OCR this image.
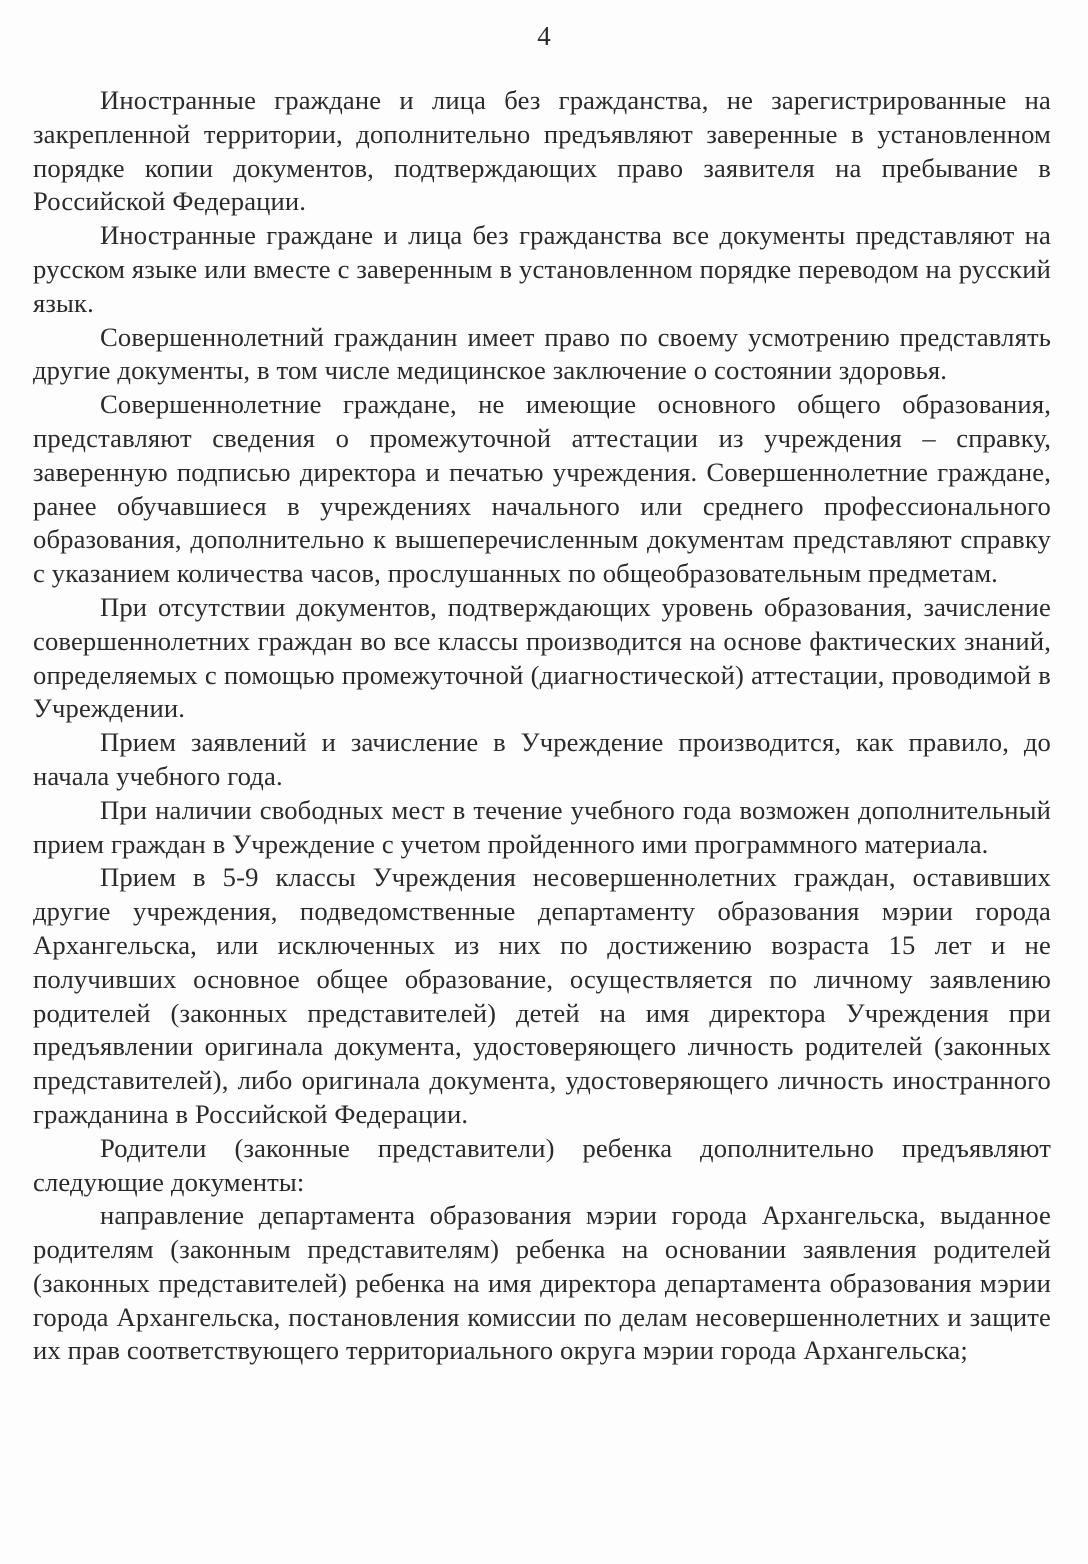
4

Иностранные граждане и лица без гражданства, не зарегистрированные на закрепленной территории, дополнительно предъявляют заверенные в установленном порядке копии документов, подтверждающих право заявителя на пребывание в Российской Федерации.

Иностранные граждане и лица без гражданства все документы представляют на русском языке или вместе с заверенным в установленном порядке переводом на русский язык.

Совершеннолетний гражданин имеет право по своему усмотрению представлять другие документы, в том числе медицинское заключение о состоянии здоровья.

Совершеннолетние граждане, не имеющие основного общего образования, представляют сведения о промежуточной аттестации из учреждения – справку, заверенную подписью директора и печатью учреждения. Совершеннолетние граждане, ранее обучавшиеся в учреждениях начального или среднего профессионального образования, дополнительно к вышеперечисленным документам представляют справку с указанием количества часов, прослушанных по общеобразовательным предметам.

При отсутствии документов, подтверждающих уровень образования, зачисление совершеннолетних граждан во все классы производится на основе фактических знаний, определяемых с помощью промежуточной (диагностической) аттестации, проводимой в Учреждении.

Прием заявлений и зачисление в Учреждение производится, как правило, до начала учебного года.

При наличии свободных мест в течение учебного года возможен дополнительный прием граждан в Учреждение с учетом пройденного ими программного материала.

Прием в 5-9 классы Учреждения несовершеннолетних граждан, оставивших другие учреждения, подведомственные департаменту образования мэрии города Архангельска, или исключенных из них по достижению возраста 15 лет и не получивших основное общее образование, осуществляется по личному заявлению родителей (законных представителей) детей на имя директора Учреждения при предъявлении оригинала документа, удостоверяющего личность родителей (законных представителей), либо оригинала документа, удостоверяющего личность иностранного гражданина в Российской Федерации.

Родители (законные представители) ребенка дополнительно предъявляют следующие документы:

направление департамента образования мэрии города Архангельска, выданное родителям (законным представителям) ребенка на основании заявления родителей (законных представителей) ребенка на имя директора департамента образования мэрии города Архангельска, постановления комиссии по делам несовершеннолетних и защите их прав соответствующего территориального округа мэрии города Архангельска;
